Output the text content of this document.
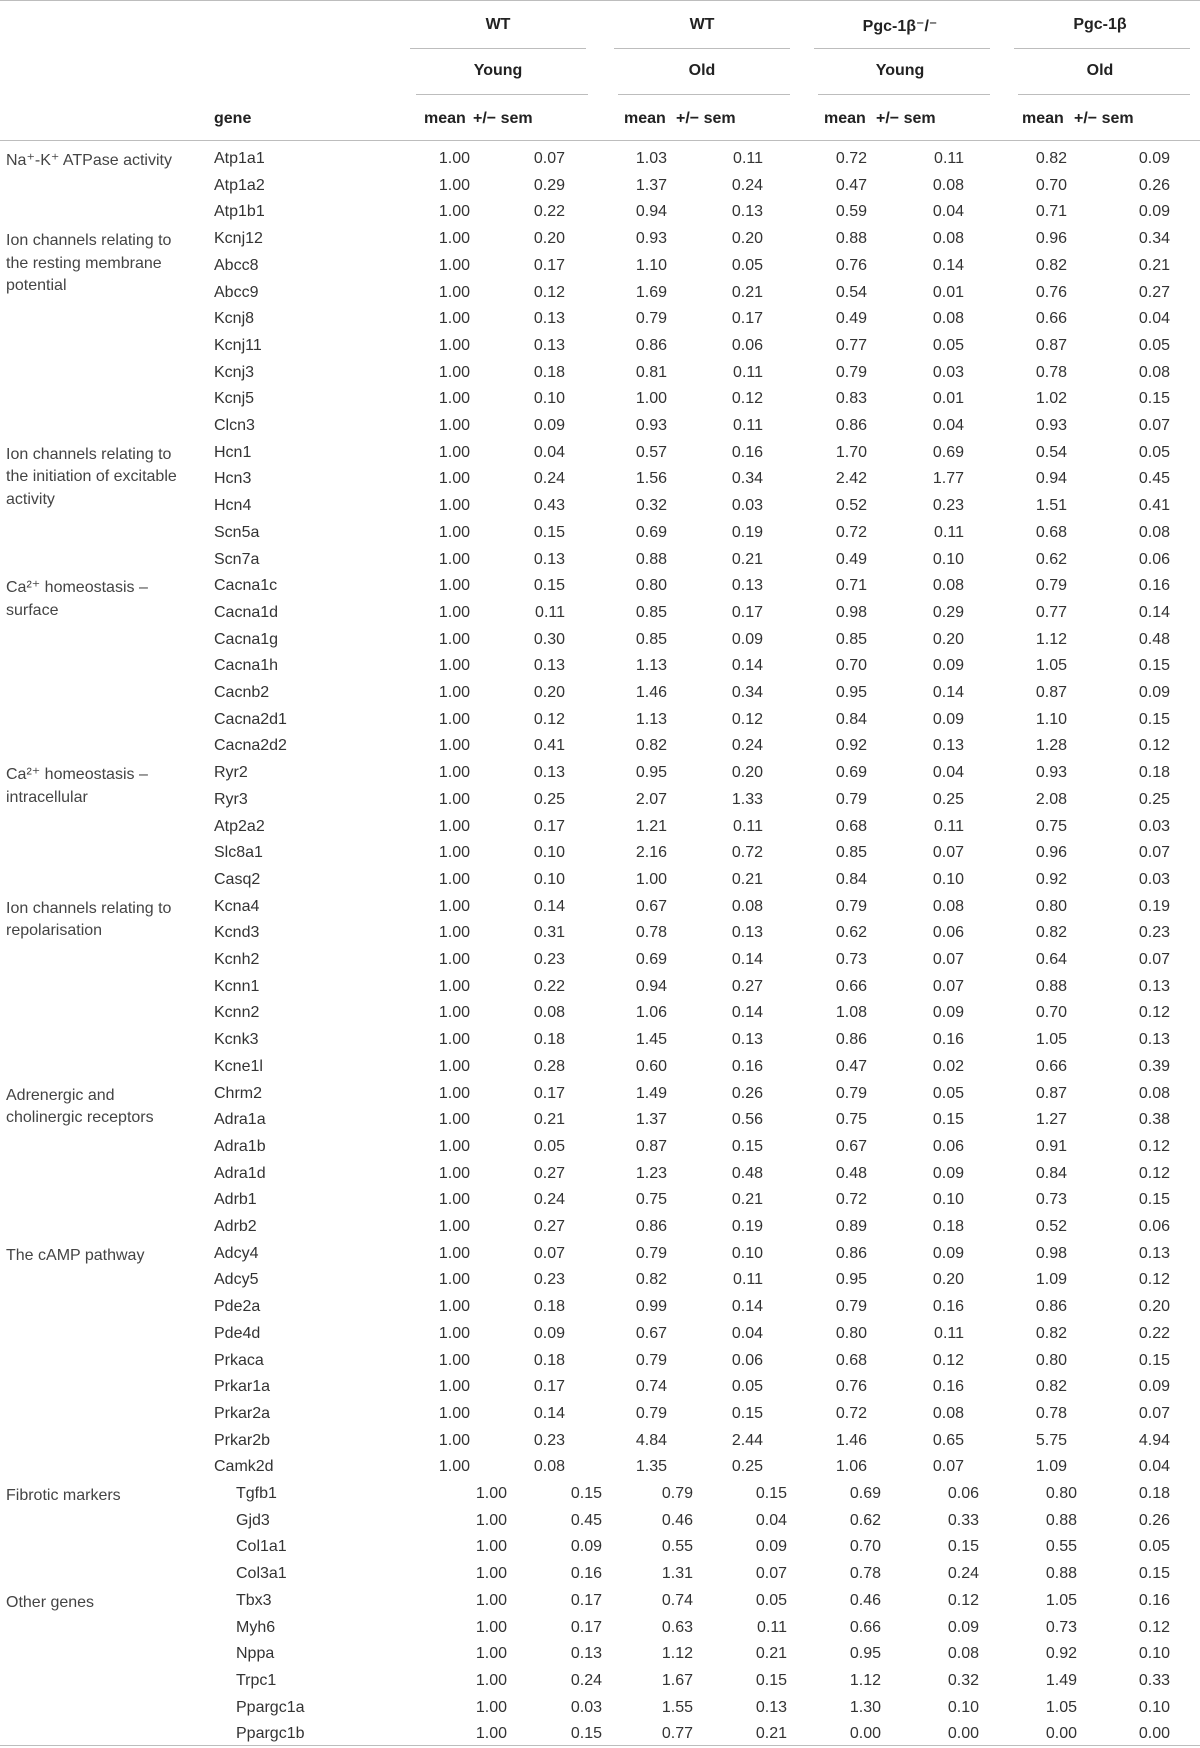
WT	WT	Pgc-1β⁻/⁻	Pgc-1β
Young	Old	Young	Old
gene	mean +/− sem	mean +/− sem	mean +/− sem	mean +/− sem
Na⁺-K⁺ ATPase activity	Atp1a1	1.00	0.07	1.03	0.11	0.72	0.11	0.82	0.09
Atp1a2	1.00	0.29	1.37	0.24	0.47	0.08	0.70	0.26
Atp1b1	1.00	0.22	0.94	0.13	0.59	0.04	0.71	0.09
Ion channels relating to the resting membrane potential
Kcnj12	1.00	0.20	0.93	0.20	0.88	0.08	0.96	0.34
Abcc8	1.00	0.17	1.10	0.05	0.76	0.14	0.82	0.21
Abcc9	1.00	0.12	1.69	0.21	0.54	0.01	0.76	0.27
Kcnj8	1.00	0.13	0.79	0.17	0.49	0.08	0.66	0.04
Kcnj11	1.00	0.13	0.86	0.06	0.77	0.05	0.87	0.05
Kcnj3	1.00	0.18	0.81	0.11	0.79	0.03	0.78	0.08
Kcnj5	1.00	0.10	1.00	0.12	0.83	0.01	1.02	0.15
Clcn3	1.00	0.09	0.93	0.11	0.86	0.04	0.93	0.07
Ion channels relating to the initiation of excitable activity
Hcn1	1.00	0.04	0.57	0.16	1.70	0.69	0.54	0.05
Hcn3	1.00	0.24	1.56	0.34	2.42	1.77	0.94	0.45
Hcn4	1.00	0.43	0.32	0.03	0.52	0.23	1.51	0.41
Scn5a	1.00	0.15	0.69	0.19	0.72	0.11	0.68	0.08
Scn7a	1.00	0.13	0.88	0.21	0.49	0.10	0.62	0.06
Ca²⁺ homeostasis – surface
Cacna1c	1.00	0.15	0.80	0.13	0.71	0.08	0.79	0.16
Cacna1d	1.00	0.11	0.85	0.17	0.98	0.29	0.77	0.14
Cacna1g	1.00	0.30	0.85	0.09	0.85	0.20	1.12	0.48
Cacna1h	1.00	0.13	1.13	0.14	0.70	0.09	1.05	0.15
Cacnb2	1.00	0.20	1.46	0.34	0.95	0.14	0.87	0.09
Cacna2d1	1.00	0.12	1.13	0.12	0.84	0.09	1.10	0.15
Cacna2d2	1.00	0.41	0.82	0.24	0.92	0.13	1.28	0.12
Ca²⁺ homeostasis – intracellular
Ryr2	1.00	0.13	0.95	0.20	0.69	0.04	0.93	0.18
Ryr3	1.00	0.25	2.07	1.33	0.79	0.25	2.08	0.25
Atp2a2	1.00	0.17	1.21	0.11	0.68	0.11	0.75	0.03
Slc8a1	1.00	0.10	2.16	0.72	0.85	0.07	0.96	0.07
Casq2	1.00	0.10	1.00	0.21	0.84	0.10	0.92	0.03
Ion channels relating to repolarisation
Kcna4	1.00	0.14	0.67	0.08	0.79	0.08	0.80	0.19
Kcnd3	1.00	0.31	0.78	0.13	0.62	0.06	0.82	0.23
Kcnh2	1.00	0.23	0.69	0.14	0.73	0.07	0.64	0.07
Kcnn1	1.00	0.22	0.94	0.27	0.66	0.07	0.88	0.13
Kcnn2	1.00	0.08	1.06	0.14	1.08	0.09	0.70	0.12
Kcnk3	1.00	0.18	1.45	0.13	0.86	0.16	1.05	0.13
Kcne1l	1.00	0.28	0.60	0.16	0.47	0.02	0.66	0.39
Adrenergic and cholinergic receptors
Chrm2	1.00	0.17	1.49	0.26	0.79	0.05	0.87	0.08
Adra1a	1.00	0.21	1.37	0.56	0.75	0.15	1.27	0.38
Adra1b	1.00	0.05	0.87	0.15	0.67	0.06	0.91	0.12
Adra1d	1.00	0.27	1.23	0.48	0.48	0.09	0.84	0.12
Adrb1	1.00	0.24	0.75	0.21	0.72	0.10	0.73	0.15
Adrb2	1.00	0.27	0.86	0.19	0.89	0.18	0.52	0.06
The cAMP pathway	Adcy4	1.00	0.07	0.79	0.10	0.86	0.09	0.98	0.13
Adcy5	1.00	0.23	0.82	0.11	0.95	0.20	1.09	0.12
Pde2a	1.00	0.18	0.99	0.14	0.79	0.16	0.86	0.20
Pde4d	1.00	0.09	0.67	0.04	0.80	0.11	0.82	0.22
Prkaca	1.00	0.18	0.79	0.06	0.68	0.12	0.80	0.15
Prkar1a	1.00	0.17	0.74	0.05	0.76	0.16	0.82	0.09
Prkar2a	1.00	0.14	0.79	0.15	0.72	0.08	0.78	0.07
Prkar2b	1.00	0.23	4.84	2.44	1.46	0.65	5.75	4.94
Camk2d	1.00	0.08	1.35	0.25	1.06	0.07	1.09	0.04
Fibrotic markers	Tgfb1	1.00	0.15	0.79	0.15	0.69	0.06	0.80	0.18
Gjd3	1.00	0.45	0.46	0.04	0.62	0.33	0.88	0.26
Col1a1	1.00	0.09	0.55	0.09	0.70	0.15	0.55	0.05
Col3a1	1.00	0.16	1.31	0.07	0.78	0.24	0.88	0.15
Other genes	Tbx3	1.00	0.17	0.74	0.05	0.46	0.12	1.05	0.16
Myh6	1.00	0.17	0.63	0.11	0.66	0.09	0.73	0.12
Nppa	1.00	0.13	1.12	0.21	0.95	0.08	0.92	0.10
Trpc1	1.00	0.24	1.67	0.15	1.12	0.32	1.49	0.33
Ppargc1a	1.00	0.03	1.55	0.13	1.30	0.10	1.05	0.10
Ppargc1b	1.00	0.15	0.77	0.21	0.00	0.00	0.00	0.00
